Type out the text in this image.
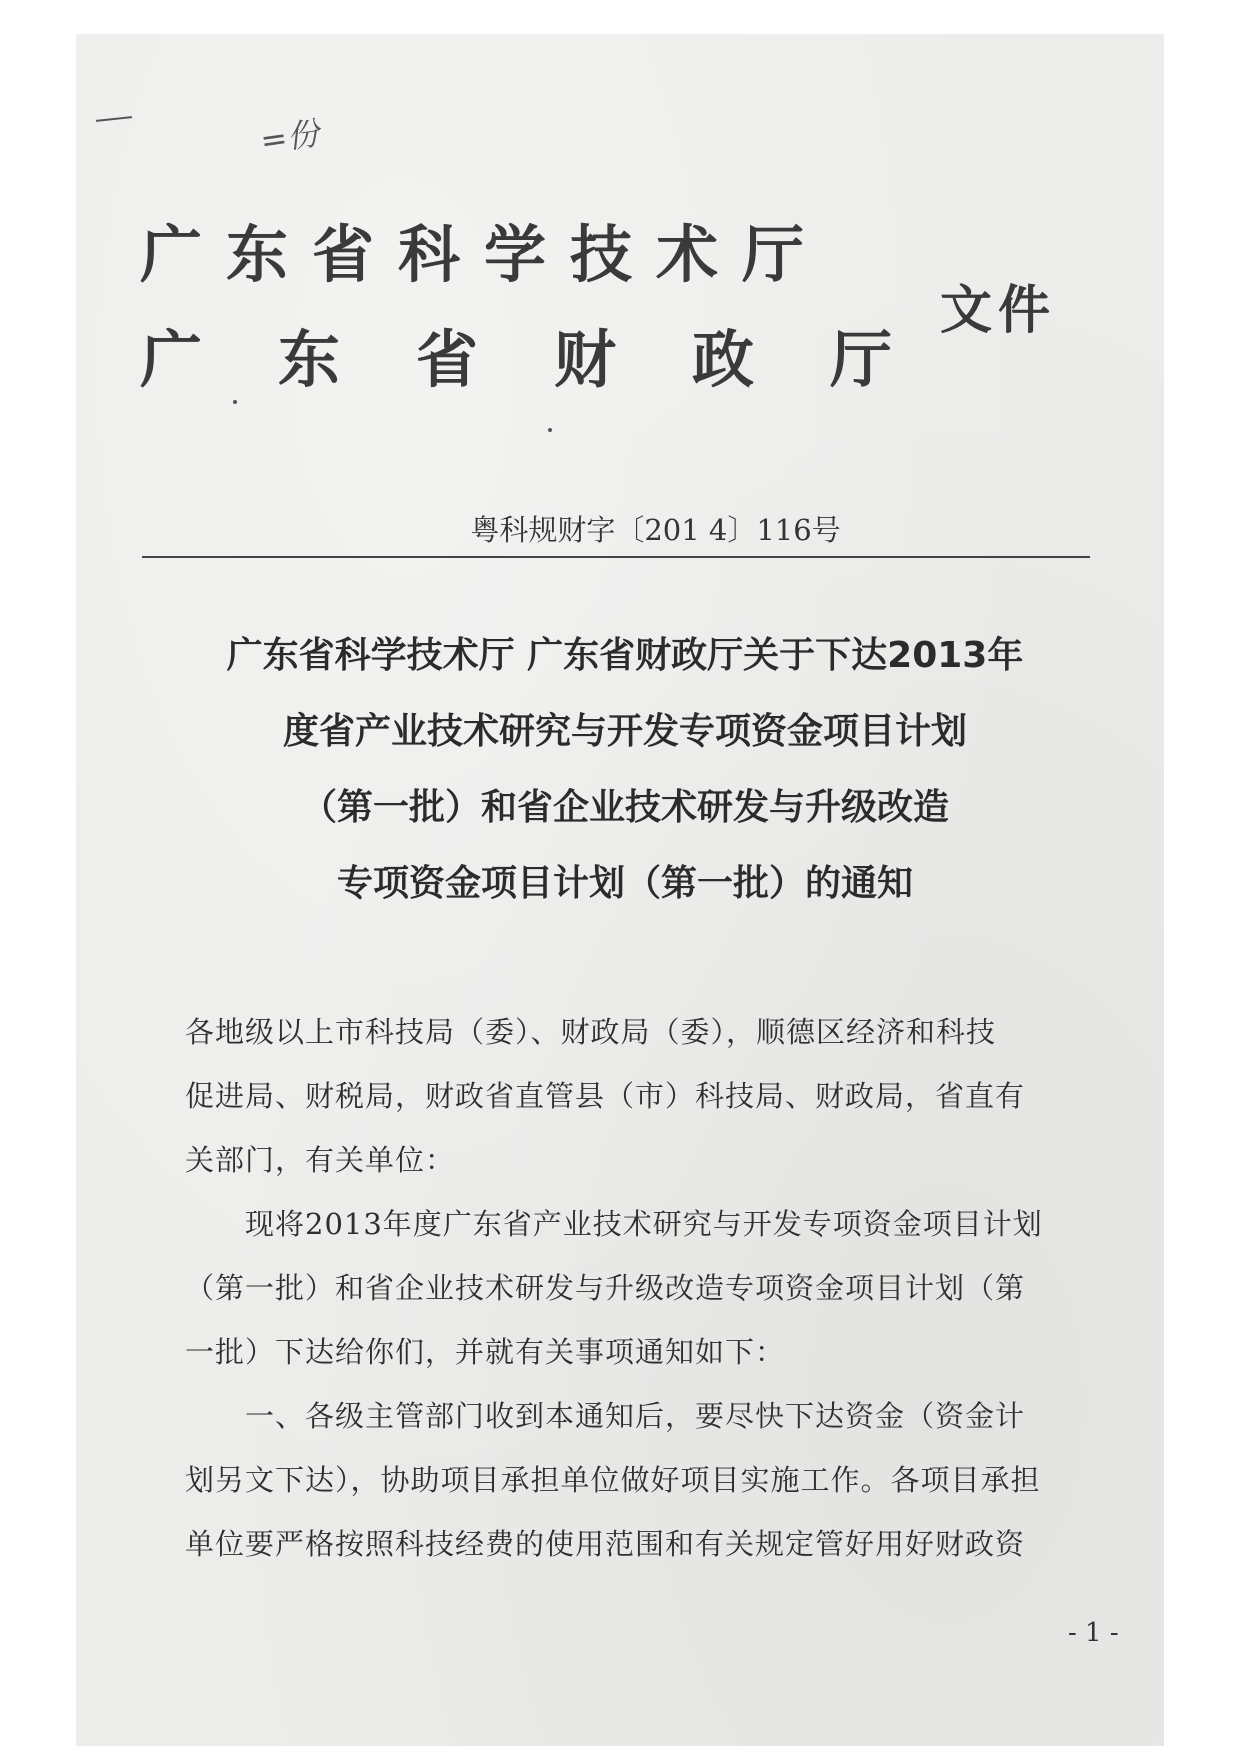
=份
广东省科学技术厅
广东省财政厅
文件
粤科规财字〔201 4〕116号
广东省科学技术厅 广东省财政厅关于下达2013年
度省产业技术研究与开发专项资金项目计划
（第一批）和省企业技术研发与升级改造
专项资金项目计划（第一批）的通知

各地级以上市科技局（委）、财政局（委），顺德区经济和科技

促进局、财税局，财政省直管县（市）科技局、财政局，省直有

关部门，有关单位：

现将2013年度广东省产业技术研究与开发专项资金项目计划

（第一批）和省企业技术研发与升级改造专项资金项目计划（第

一批）下达给你们，并就有关事项通知如下：

一、各级主管部门收到本通知后，要尽快下达资金（资金计

划另文下达），协助项目承担单位做好项目实施工作。各项目承担

单位要严格按照科技经费的使用范围和有关规定管好用好财政资

- 1 -
